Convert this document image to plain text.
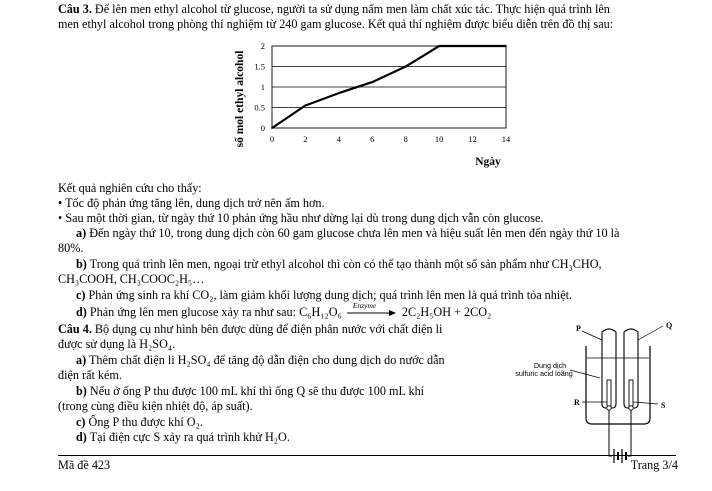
Câu 3. Để lên men ethyl alcohol từ glucose, người ta sử dụng nấm men làm chất xúc tác. Thực hiện quá trình lên
men ethyl alcohol trong phòng thí nghiệm từ 240 gam glucose. Kết quả thí nghiệm được biểu diễn trên đồ thị sau:
0
0.5
1
1.5
2
0	2	4	6	8	10	12	14
số mol ethyl alcohol
Ngày
Kết quả nghiên cứu cho thấy:
• Tốc độ phản ứng tăng lên, dung dịch trở nên ấm hơn.
• Sau một thời gian, từ ngày thứ 10 phản ứng hầu như dừng lại dù trong dung dịch vẫn còn glucose.
a) Đến ngày thứ 10, trong dung dịch còn 60 gam glucose chưa lên men và hiệu suất lên men đến ngày thứ 10 là
80%.
b) Trong quá trình lên men, ngoại trừ ethyl alcohol thì còn có thể tạo thành một số sản phẩm như CH₃CHO,
CH₃COOH, CH₃COOC₂H₅…
c) Phản ứng sinh ra khí CO₂, làm giảm khối lượng dung dịch; quá trình lên men là quá trình tỏa nhiệt.
d) Phản ứng lên men glucose xảy ra như sau: C₆H₁₂O₆ Enzyme 2C₂H₅OH + 2CO₂
Câu 4. Bộ dụng cụ như hình bên được dùng để điện phân nước với chất điện li
được sử dụng là H₂SO₄.
a) Thêm chất điện li H₂SO₄ để tăng độ dẫn điện cho dung dịch do nước dẫn
điện rất kém.
b) Nếu ở ống P thu được 100 mL khí thì ống Q sẽ thu được 100 mL khí
(trong cùng điều kiện nhiệt độ, áp suất).
c) Ống P thu được khí O₂.
d) Tại điện cực S xảy ra quá trình khử H₂O.
P	Q
R	S
Dung dịch
sulfuric acid loãng
Mã đề 423	Trang 3/4
